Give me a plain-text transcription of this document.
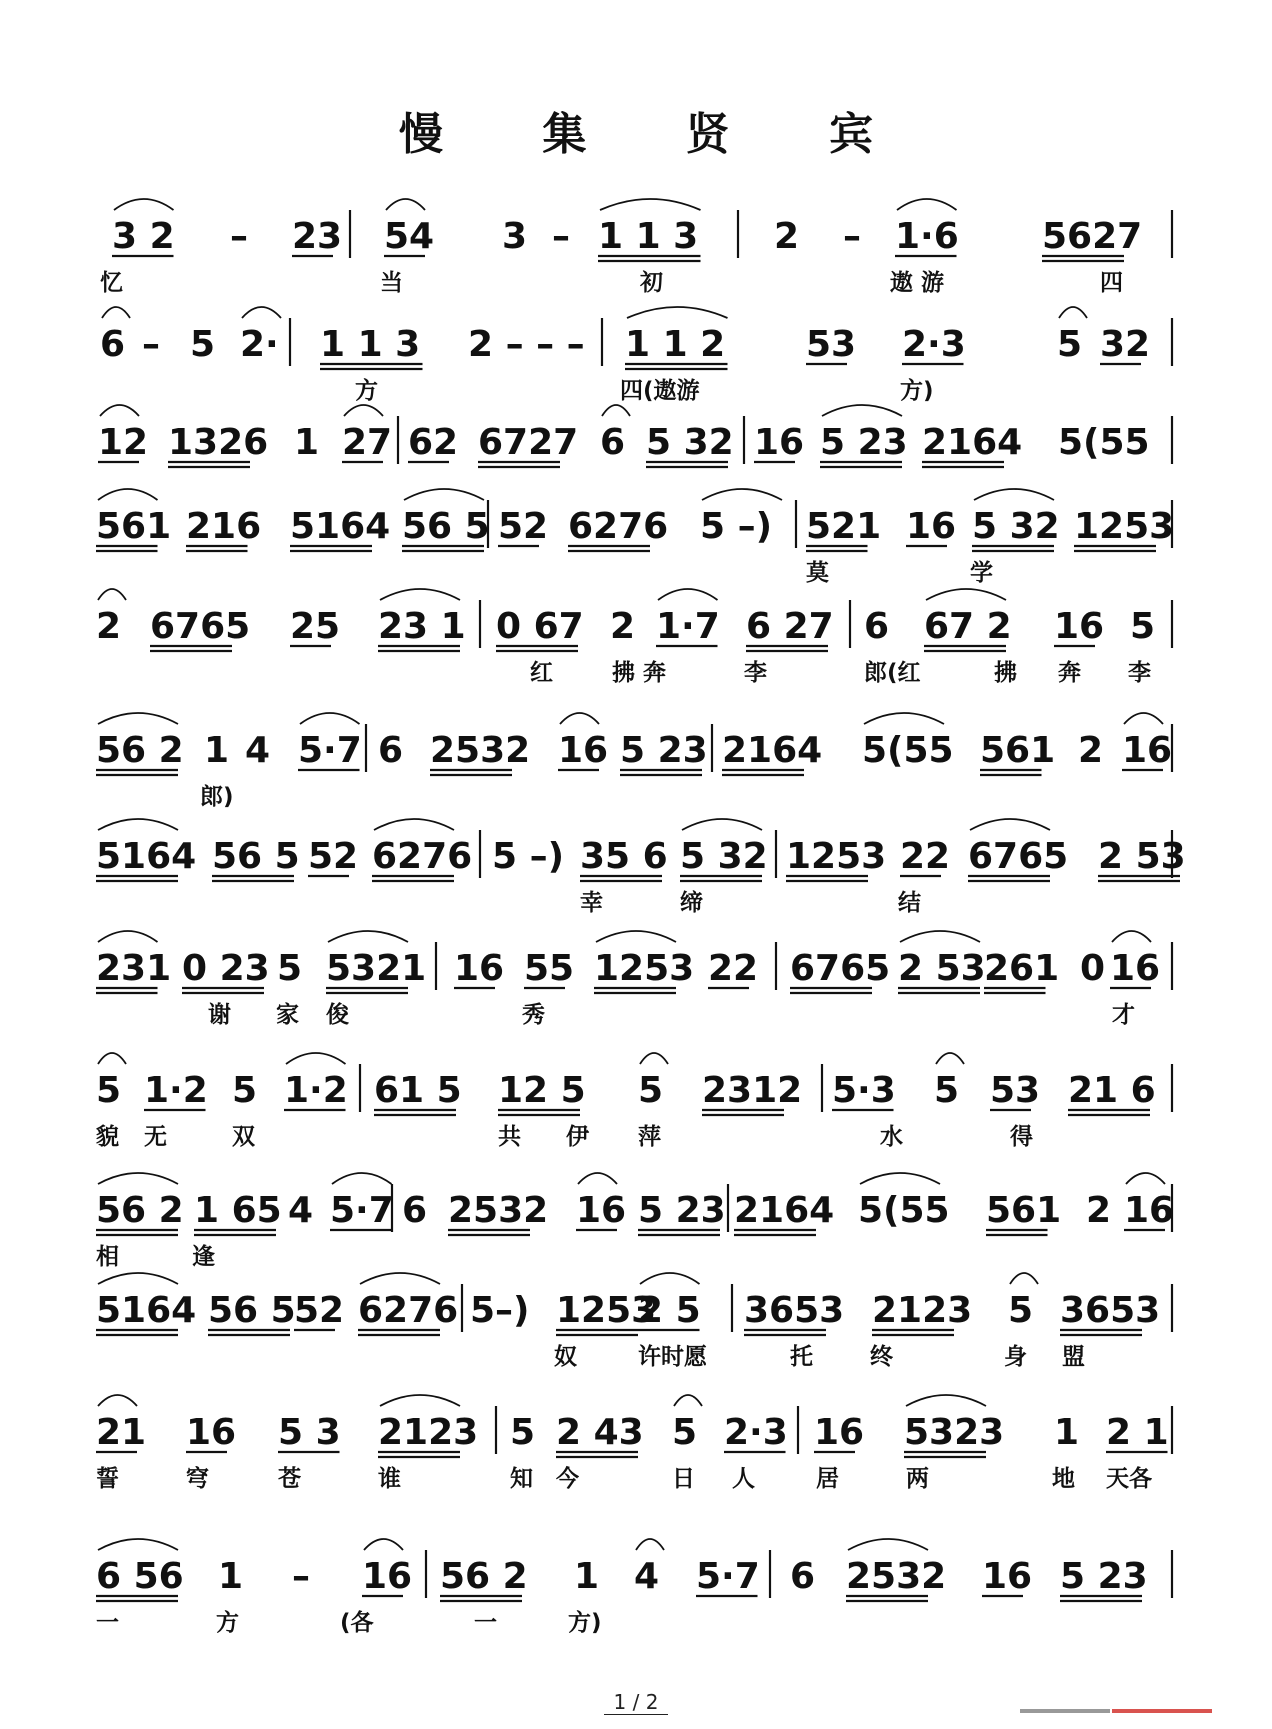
慢 集 贤 宾
3 2 – 23 54 3 – 1 1 3 2 – 1·6 5627
忆	当	初	遨 游	四
6 – 5 2· 1 1 3 2 – – – 1 1 2 53 2·3	5 32
方	四(遨游	方)
12 1326 1 27 62 6727 6 5 32 16 5 23 2164 5(55
561 216 5164 56 5 52 6276 5 –) 521 16 5 32 1253
莫	学
2 6765 25 23 1 0 67 2 1·7 6 27 6 67 2 16 5
红	拂 奔	李	郎(红	拂 奔 李
56 2 1 4 5·7 6 2532 16 5 23 2164 5(55 561 2 16
郎)
5164 56 5 52 6276 5 –) 35 6 5 32 1253 22 6765 2 53
幸	缔	结
231 0 23 5 5321 16 55 1253 22 6765 2 53
261 0 16
谢 家 俊	秀	才
5 1·2 5 1·2 61 5 12 5 5 2312 5·3 5 53 21 6
貌 无	双	共 伊 萍	水	得
56 2 1 65 4 5·7 6 2532 16 5 23 2164 5(55 561 2 16
相	逢
5164 56 5
52 6276 5–) 1253
2 5 3653 2123 5 3653
奴	许时愿	托 终	身 盟
21 16 5 3 2123 5 2 43 5 2·3 16 5323 1 2 1
誓	穹	苍	谁	知 今	日 人	居	两	地 天各
6 56 1 – 16 56 2 1 4 5·7 6 2532 16 5 23
一	方	(各	一	方)
1 / 2
